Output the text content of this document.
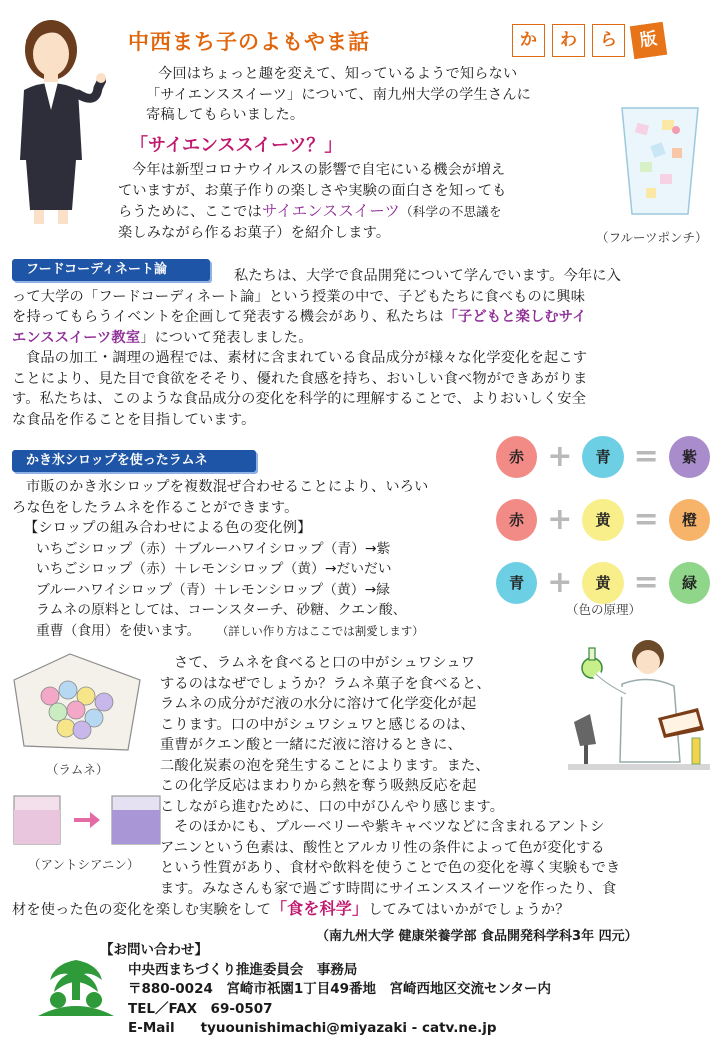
中西まち子のよもやま話	か	わ	ら	版
今回はちょっと趣を変えて、知っているようで知らない
「サイエンススイーツ」について、南九州大学の学生さんに
寄稿してもらいました。
「サイエンススイーツ？」
今年は新型コロナウイルスの影響で自宅にいる機会が増え
ていますが、お菓子作りの楽しさや実験の面白さを知っても
らうために、ここではサイエンススイーツ（科学の不思議を
楽しみながら作るお菓子）を紹介します。	（フルーツポンチ）
フードコーディネート論	私たちは、大学で食品開発について学んでいます。今年に入
って大学の「フードコーディネート論」という授業の中で、子どもたちに食べものに興味
を持ってもらうイベントを企画して発表する機会があり、私たちは「子どもと楽しむサイ
エンススイーツ教室」について発表しました。
食品の加工・調理の過程では、素材に含まれている食品成分が様々な化学変化を起こす
ことにより、見た目で食欲をそそり、優れた食感を持ち、おいしい食べ物ができあがりま
す。私たちは、このような食品成分の変化を科学的に理解することで、よりおいしく安全
な食品を作ることを目指しています。
かき氷シロップを使ったラムネ
市販のかき氷シロップを複数混ぜ合わせることにより、いろい
ろな色をしたラムネを作ることができます。
【シロップの組み合わせによる色の変化例】
いちごシロップ（赤）＋ブルーハワイシロップ（青）→紫
いちごシロップ（赤）＋レモンシロップ（黄）→だいだい
ブルーハワイシロップ（青）＋レモンシロップ（黄）→緑
ラムネの原料としては、コーンスターチ、砂糖、クエン酸、
重曹（食用）を使います。 （詳しい作り方はここでは割愛します）
赤 +	青 =	紫
赤 +	黄 =	橙
青 +	黄 =	緑
（色の原理）
（ラムネ）
（アントシアニン）
さて、ラムネを食べると口の中がシュワシュワ
するのはなぜでしょうか？ラムネ菓子を食べると、
ラムネの成分がだ液の水分に溶けて化学変化が起
こります。口の中がシュワシュワと感じるのは、
重曹がクエン酸と一緒にだ液に溶けるときに、
二酸化炭素の泡を発生することによります。また、
この化学反応はまわりから熱を奪う吸熱反応を起
こしながら進むために、口の中がひんやり感じます。
そのほかにも、ブルーベリーや紫キャベツなどに含まれるアントシ
アニンという色素は、酸性とアルカリ性の条件によって色が変化する
という性質があり、食材や飲料を使うことで色の変化を導く実験もでき
ます。みなさんも家で過ごす時間にサイエンススイーツを作ったり、食
材を使った色の変化を楽しむ実験をして「食を科学」してみてはいかがでしょうか？
（南九州大学 健康栄養学部 食品開発科学科3年 四元）
【お問い合わせ】
中央西まちづくり推進委員会　事務局
〒880-0024　宮崎市祇園1丁目49番地　宮崎西地区交流センター内
TEL／FAX　69-0507
E-Mail tyuounishimachi@miyazaki - catv.ne.jp
